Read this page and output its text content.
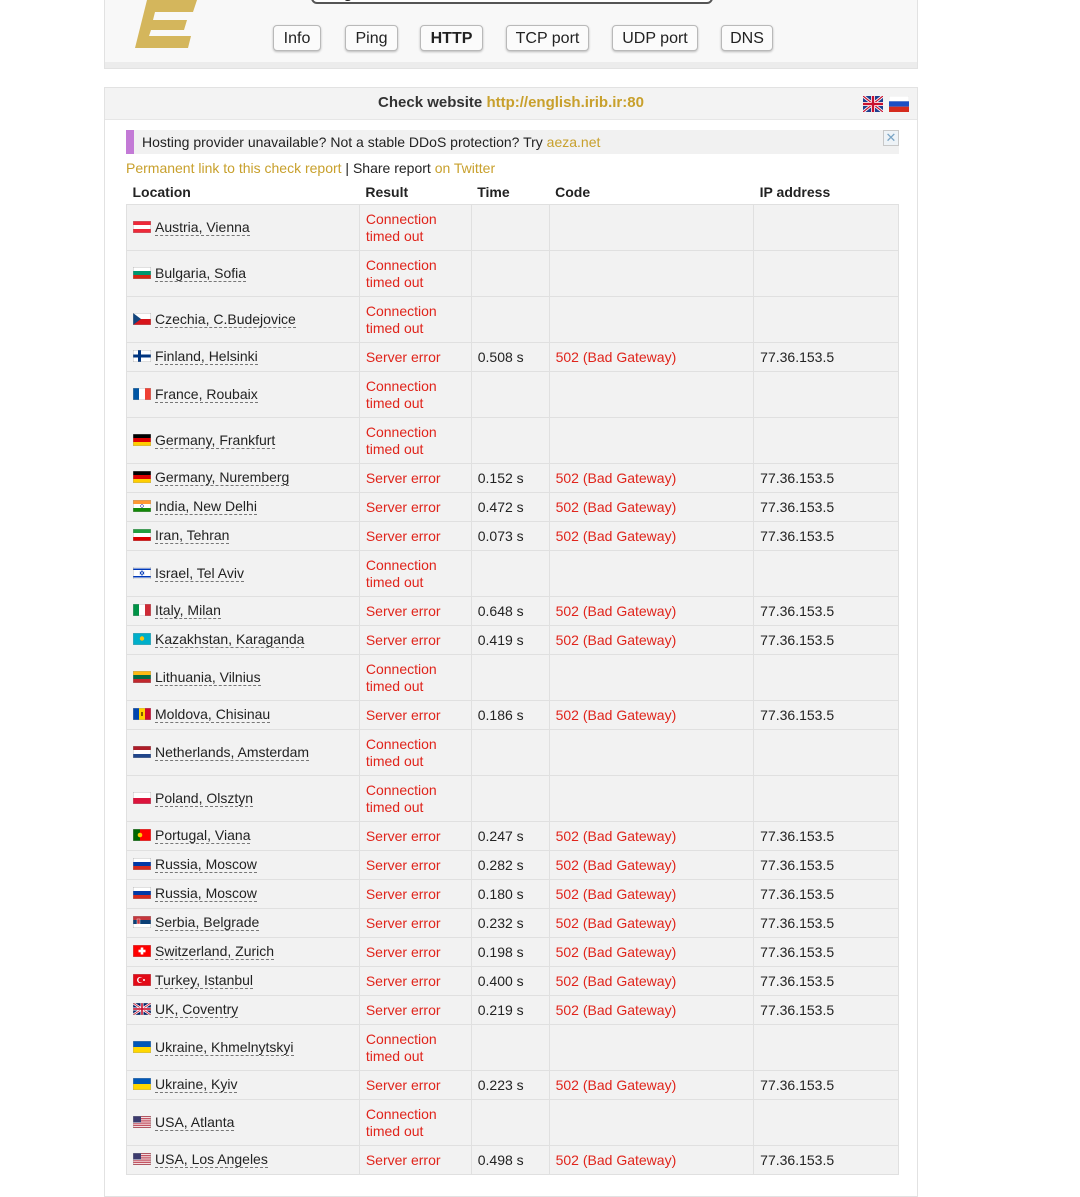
english.irib.ir
Info	Ping	HTTP	TCP port	UDP port	DNS
Check website http://english.irib.ir:80
Hosting provider unavailable? Not a stable DDoS protection? Try aeza.net	✕
Permanent link to this check report | Share report on Twitter
Location	Result	Time	Code	IP address
Austria, Vienna	Connection timed out			
Bulgaria, Sofia	Connection timed out			
Czechia, C.Budejovice	Connection timed out			
Finland, Helsinki	Server error	0.508 s	502 (Bad Gateway)	77.36.153.5
France, Roubaix	Connection timed out			
Germany, Frankfurt	Connection timed out			
Germany, Nuremberg	Server error	0.152 s	502 (Bad Gateway)	77.36.153.5
India, New Delhi	Server error	0.472 s	502 (Bad Gateway)	77.36.153.5
Iran, Tehran	Server error	0.073 s	502 (Bad Gateway)	77.36.153.5
Israel, Tel Aviv	Connection timed out			
Italy, Milan	Server error	0.648 s	502 (Bad Gateway)	77.36.153.5
Kazakhstan, Karaganda	Server error	0.419 s	502 (Bad Gateway)	77.36.153.5
Lithuania, Vilnius	Connection timed out			
Moldova, Chisinau	Server error	0.186 s	502 (Bad Gateway)	77.36.153.5
Netherlands, Amsterdam	Connection timed out			
Poland, Olsztyn	Connection timed out			
Portugal, Viana	Server error	0.247 s	502 (Bad Gateway)	77.36.153.5
Russia, Moscow	Server error	0.282 s	502 (Bad Gateway)	77.36.153.5
Russia, Moscow	Server error	0.180 s	502 (Bad Gateway)	77.36.153.5
Serbia, Belgrade	Server error	0.232 s	502 (Bad Gateway)	77.36.153.5
Switzerland, Zurich	Server error	0.198 s	502 (Bad Gateway)	77.36.153.5
Turkey, Istanbul	Server error	0.400 s	502 (Bad Gateway)	77.36.153.5
UK, Coventry	Server error	0.219 s	502 (Bad Gateway)	77.36.153.5
Ukraine, Khmelnytskyi	Connection timed out			
Ukraine, Kyiv	Server error	0.223 s	502 (Bad Gateway)	77.36.153.5
USA, Atlanta	Connection timed out			
USA, Los Angeles	Server error	0.498 s	502 (Bad Gateway)	77.36.153.5
